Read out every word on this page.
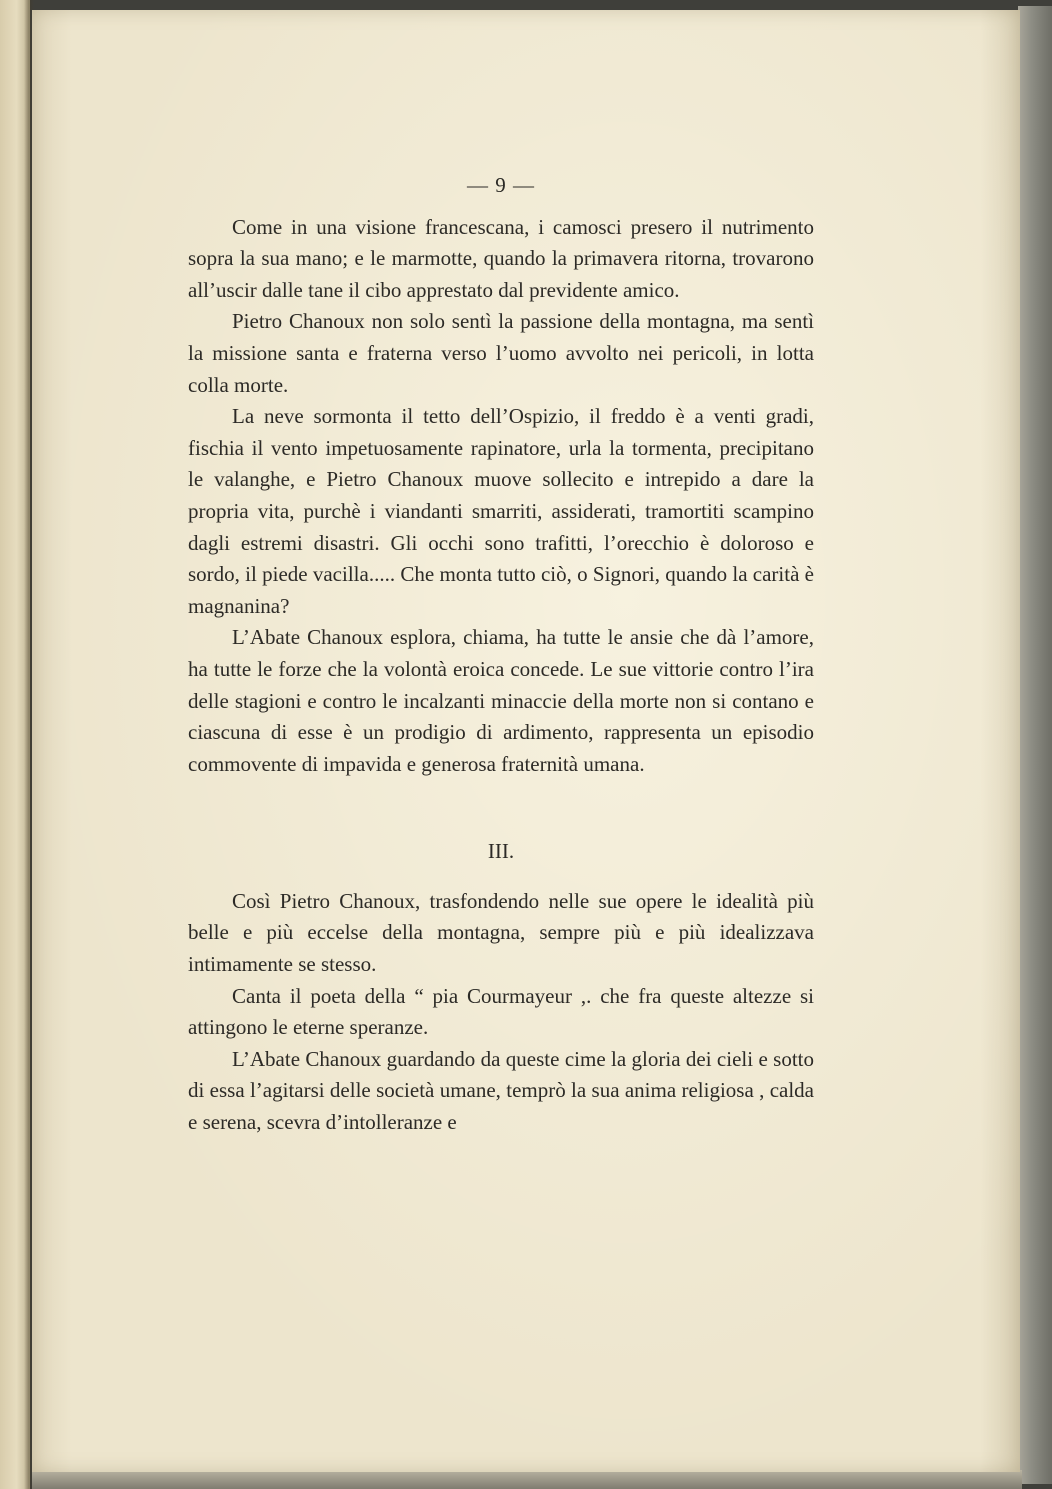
— 9 —

Come in una visione francescana, i camosci presero il nutrimento sopra la sua mano; e le marmotte, quando la primavera ritorna, trovarono all’uscir dalle tane il cibo apprestato dal previdente amico.

Pietro Chanoux non solo sentì la passione della montagna, ma sentì la missione santa e fraterna verso l’uomo avvolto nei pericoli, in lotta colla morte.

La neve sormonta il tetto dell’Ospizio, il freddo è a venti gradi, fischia il vento impetuosamente rapinatore, urla la tormenta, precipitano le valanghe, e Pietro Chanoux muove sollecito e intrepido a dare la propria vita, purchè i viandanti smarriti, assiderati, tramortiti scampino dagli estremi disastri. Gli occhi sono trafitti, l’orecchio è doloroso e sordo, il piede vacilla..... Che monta tutto ciò, o Signori, quando la carità è magnanina?

L’Abate Chanoux esplora, chiama, ha tutte le ansie che dà l’amore, ha tutte le forze che la volontà eroica concede. Le sue vittorie contro l’ira delle stagioni e contro le incalzanti minaccie della morte non si contano e ciascuna di esse è un prodigio di ardimento, rappresenta un episodio commovente di impavida e generosa fraternità umana.

III.

Così Pietro Chanoux, trasfondendo nelle sue opere le idealità più belle e più eccelse della montagna, sempre più e più idealizzava intimamente se stesso.

Canta il poeta della “ pia Courmayeur ,. che fra queste altezze si attingono le eterne speranze.

L’Abate Chanoux guardando da queste cime la gloria dei cieli e sotto di essa l’agitarsi delle società umane, temprò la sua anima religiosa , calda e serena, scevra d’intolleranze e
